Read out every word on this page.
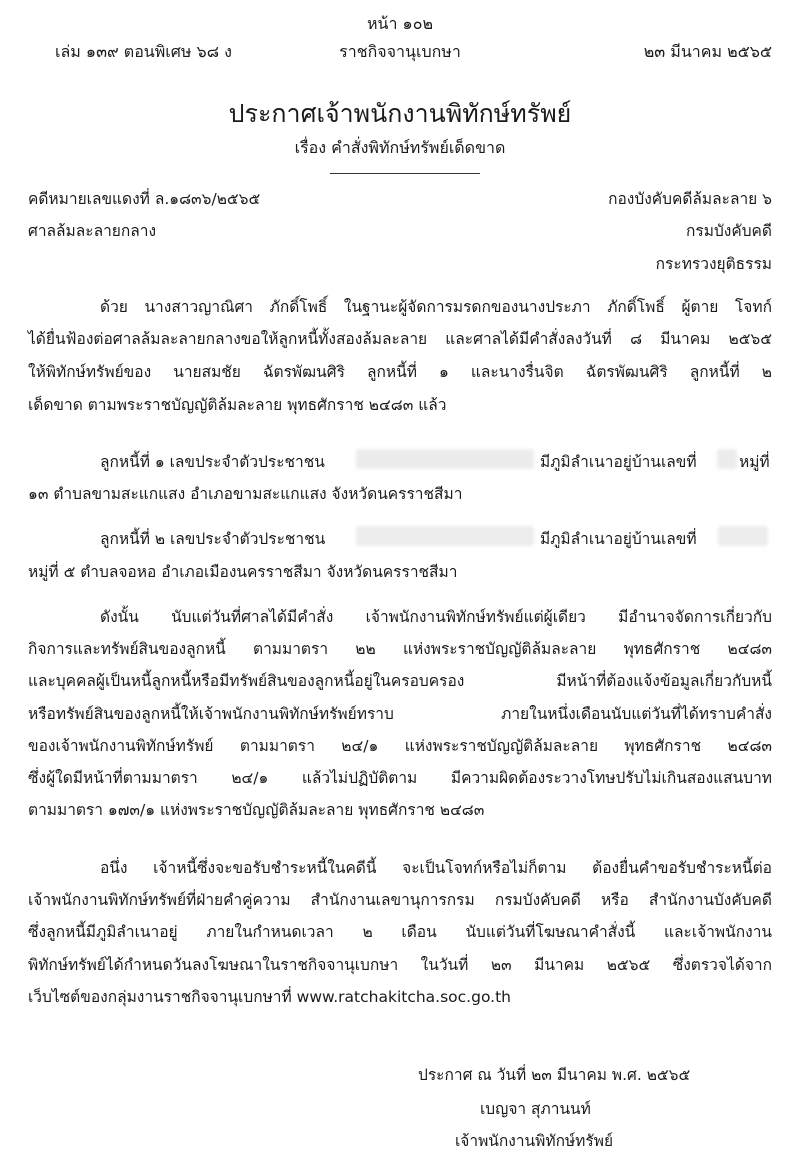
หน้า ๑๐๒
เล่ม ๑๓๙ ตอนพิเศษ ๖๘ ง	ราชกิจจานุเบกษา	๒๓ มีนาคม ๒๕๖๕
ประกาศเจ้าพนักงานพิทักษ์ทรัพย์
เรื่อง คำสั่งพิทักษ์ทรัพย์เด็ดขาด
คดีหมายเลขแดงที่ ล.๑๘๓๖/๒๕๖๕	กองบังคับคดีล้มละลาย ๖
ศาลล้มละลายกลาง	กรมบังคับคดี
กระทรวงยุติธรรม
ด้วย นางสาวญาณิศา ภักดิ์โพธิ์ ในฐานะผู้จัดการมรดกของนางประภา ภักดิ์โพธิ์ ผู้ตาย โจทก์
ได้ยื่นฟ้องต่อศาลล้มละลายกลางขอให้ลูกหนี้ทั้งสองล้มละลาย และศาลได้มีคำสั่งลงวันที่ ๘ มีนาคม ๒๕๖๕
ให้พิทักษ์ทรัพย์ของ นายสมชัย ฉัตรพัฒนศิริ ลูกหนี้ที่ ๑ และนางรื่นจิต ฉัตรพัฒนศิริ ลูกหนี้ที่ ๒
เด็ดขาด ตามพระราชบัญญัติล้มละลาย พุทธศักราช ๒๔๘๓ แล้ว
ลูกหนี้ที่ ๑ เลขประจำตัวประชาชน	มีภูมิลำเนาอยู่บ้านเลขที่	หมู่ที่
๑๓ ตำบลขามสะแกแสง อำเภอขามสะแกแสง จังหวัดนครราชสีมา
ลูกหนี้ที่ ๒ เลขประจำตัวประชาชน	มีภูมิลำเนาอยู่บ้านเลขที่
หมู่ที่ ๕ ตำบลจอหอ อำเภอเมืองนครราชสีมา จังหวัดนครราชสีมา
ดังนั้น นับแต่วันที่ศาลได้มีคำสั่ง เจ้าพนักงานพิทักษ์ทรัพย์แต่ผู้เดียว มีอำนาจจัดการเกี่ยวกับ
กิจการและทรัพย์สินของลูกหนี้ ตามมาตรา ๒๒ แห่งพระราชบัญญัติล้มละลาย พุทธศักราช ๒๔๘๓
และบุคคลผู้เป็นหนี้ลูกหนี้หรือมีทรัพย์สินของลูกหนี้อยู่ในครอบครอง มีหน้าที่ต้องแจ้งข้อมูลเกี่ยวกับหนี้
หรือทรัพย์สินของลูกหนี้ให้เจ้าพนักงานพิทักษ์ทรัพย์ทราบ ภายในหนึ่งเดือนนับแต่วันที่ได้ทราบคำสั่ง
ของเจ้าพนักงานพิทักษ์ทรัพย์ ตามมาตรา ๒๔/๑ แห่งพระราชบัญญัติล้มละลาย พุทธศักราช ๒๔๘๓
ซึ่งผู้ใดมีหน้าที่ตามมาตรา ๒๔/๑ แล้วไม่ปฏิบัติตาม มีความผิดต้องระวางโทษปรับไม่เกินสองแสนบาท
ตามมาตรา ๑๗๓/๑ แห่งพระราชบัญญัติล้มละลาย พุทธศักราช ๒๔๘๓
อนึ่ง เจ้าหนี้ซึ่งจะขอรับชำระหนี้ในคดีนี้ จะเป็นโจทก์หรือไม่ก็ตาม ต้องยื่นคำขอรับชำระหนี้ต่อ
เจ้าพนักงานพิทักษ์ทรัพย์ที่ฝ่ายคำคู่ความ สำนักงานเลขานุการกรม กรมบังคับคดี หรือ สำนักงานบังคับคดี
ซึ่งลูกหนี้มีภูมิลำเนาอยู่ ภายในกำหนดเวลา ๒ เดือน นับแต่วันที่โฆษณาคำสั่งนี้ และเจ้าพนักงาน
พิทักษ์ทรัพย์ได้กำหนดวันลงโฆษณาในราชกิจจานุเบกษา ในวันที่ ๒๓ มีนาคม ๒๕๖๕ ซึ่งตรวจได้จาก
เว็บไซต์ของกลุ่มงานราชกิจจานุเบกษาที่ www.ratchakitcha.soc.go.th
ประกาศ ณ วันที่ ๒๓ มีนาคม พ.ศ. ๒๕๖๕
เบญจา สุภานนท์
เจ้าพนักงานพิทักษ์ทรัพย์
